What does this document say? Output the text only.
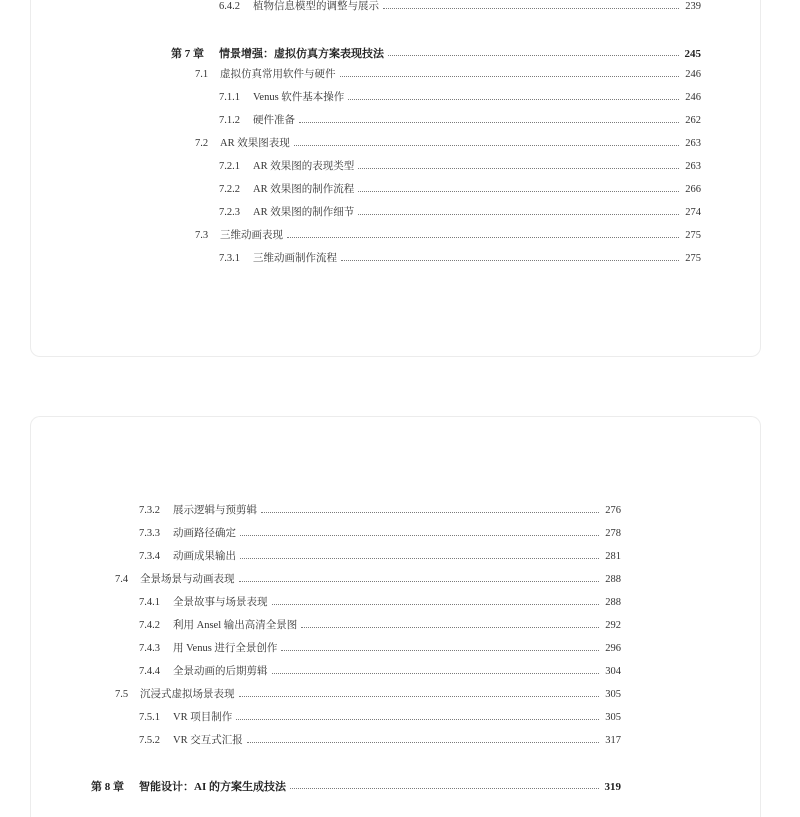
6.4.2 植物信息模型的调整与展示	239
第 7 章 情景增强：虚拟仿真方案表现技法	245
7.1 虚拟仿真常用软件与硬件	246
7.1.1 Venus 软件基本操作	246
7.1.2 硬件准备	262
7.2 AR 效果图表现	263
7.2.1 AR 效果图的表现类型	263
7.2.2 AR 效果图的制作流程	266
7.2.3 AR 效果图的制作细节	274
7.3 三维动画表现	275
7.3.1 三维动画制作流程	275
7.3.2 展示逻辑与预剪辑	276
7.3.3 动画路径确定	278
7.3.4 动画成果输出	281
7.4 全景场景与动画表现	288
7.4.1 全景故事与场景表现	288
7.4.2 利用 Ansel 输出高清全景图	292
7.4.3 用 Venus 进行全景创作	296
7.4.4 全景动画的后期剪辑	304
7.5 沉浸式虚拟场景表现	305
7.5.1 VR 项目制作	305
7.5.2 VR 交互式汇报	317
第 8 章 智能设计：AI 的方案生成技法	319
